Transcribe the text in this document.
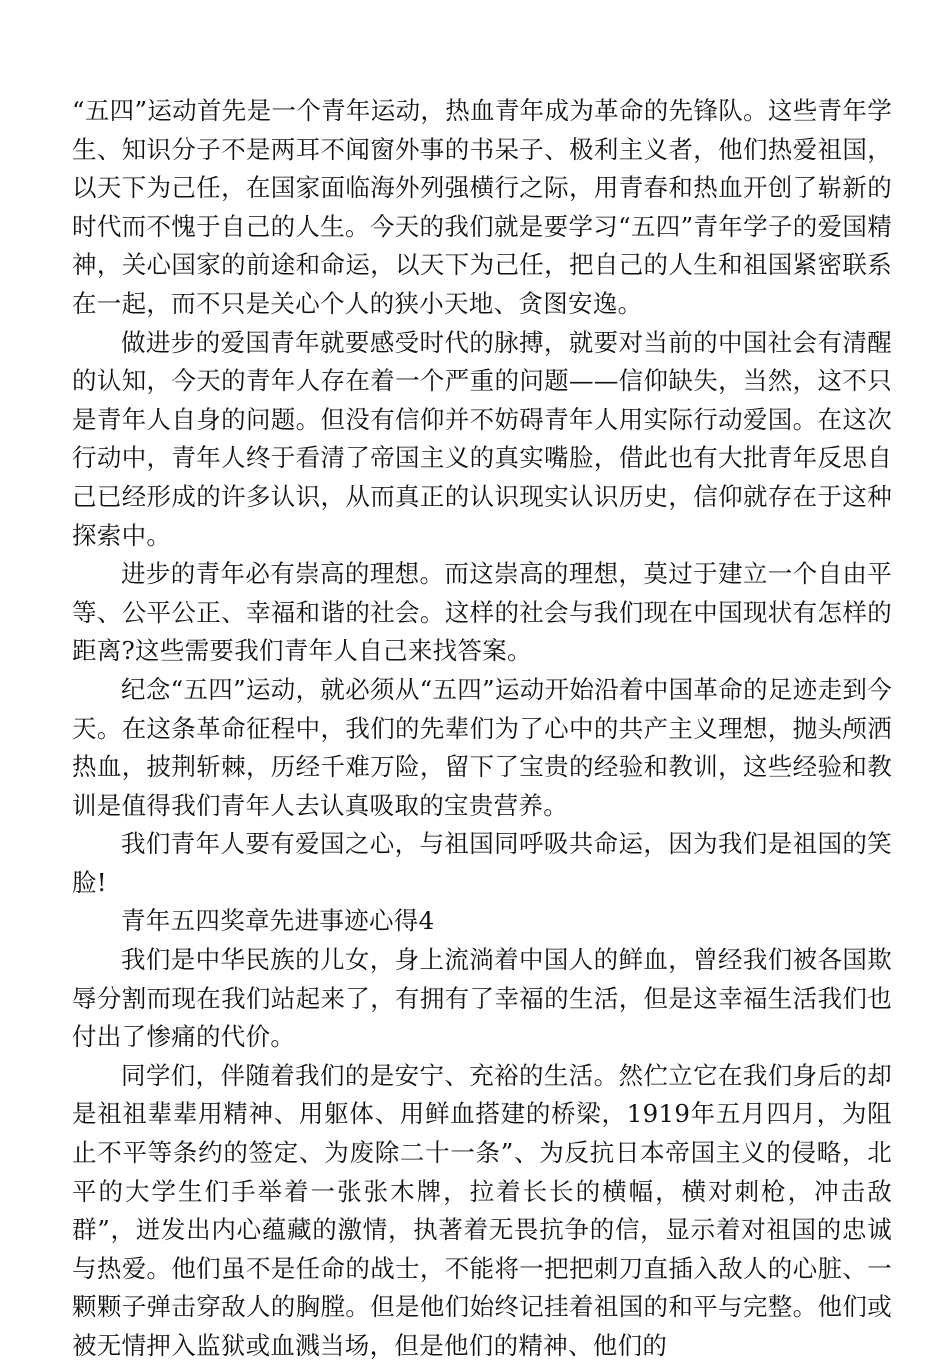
“五四”运动首先是一个青年运动，热血青年成为革命的先锋队。这些青年学生、知识分子不是两耳不闻窗外事的书呆子、极利主义者，他们热爱祖国，以天下为己任，在国家面临海外列强横行之际，用青春和热血开创了崭新的时代而不愧于自己的人生。今天的我们就是要学习“五四”青年学子的爱国精神，关心国家的前途和命运，以天下为己任，把自己的人生和祖国紧密联系在一起，而不只是关心个人的狭小天地、贪图安逸。

做进步的爱国青年就要感受时代的脉搏，就要对当前的中国社会有清醒的认知，今天的青年人存在着一个严重的问题——信仰缺失，当然，这不只是青年人自身的问题。但没有信仰并不妨碍青年人用实际行动爱国。在这次行动中，青年人终于看清了帝国主义的真实嘴脸，借此也有大批青年反思自己已经形成的许多认识，从而真正的认识现实认识历史，信仰就存在于这种探索中。

进步的青年必有崇高的理想。而这崇高的理想，莫过于建立一个自由平等、公平公正、幸福和谐的社会。这样的社会与我们现在中国现状有怎样的距离?这些需要我们青年人自己来找答案。

纪念“五四”运动，就必须从“五四”运动开始沿着中国革命的足迹走到今天。在这条革命征程中，我们的先辈们为了心中的共产主义理想，抛头颅洒热血，披荆斩棘，历经千难万险，留下了宝贵的经验和教训，这些经验和教训是值得我们青年人去认真吸取的宝贵营养。

我们青年人要有爱国之心，与祖国同呼吸共命运，因为我们是祖国的笑脸!

青年五四奖章先进事迹心得4

我们是中华民族的儿女，身上流淌着中国人的鲜血，曾经我们被各国欺辱分割而现在我们站起来了，有拥有了幸福的生活，但是这幸福生活我们也付出了惨痛的代价。

同学们，伴随着我们的是安宁、充裕的生活。然伫立它在我们身后的却是祖祖辈辈用精神、用躯体、用鲜血搭建的桥梁，1919年五月四月，为阻止不平等条约的签定、为废除二十一条”、为反抗日本帝国主义的侵略，北平的大学生们手举着一张张木牌，拉着长长的横幅，横对刺枪，冲击敌群”，迸发出内心蕴藏的激情，执著着无畏抗争的信，显示着对祖国的忠诚与热爱。他们虽不是任命的战士，不能将一把把刺刀直插入敌人的心脏、一颗颗子弹击穿敌人的胸膛。但是他们始终记挂着祖国的和平与完整。他们或被无情押入监狱或血溅当场，但是他们的精神、他们的
